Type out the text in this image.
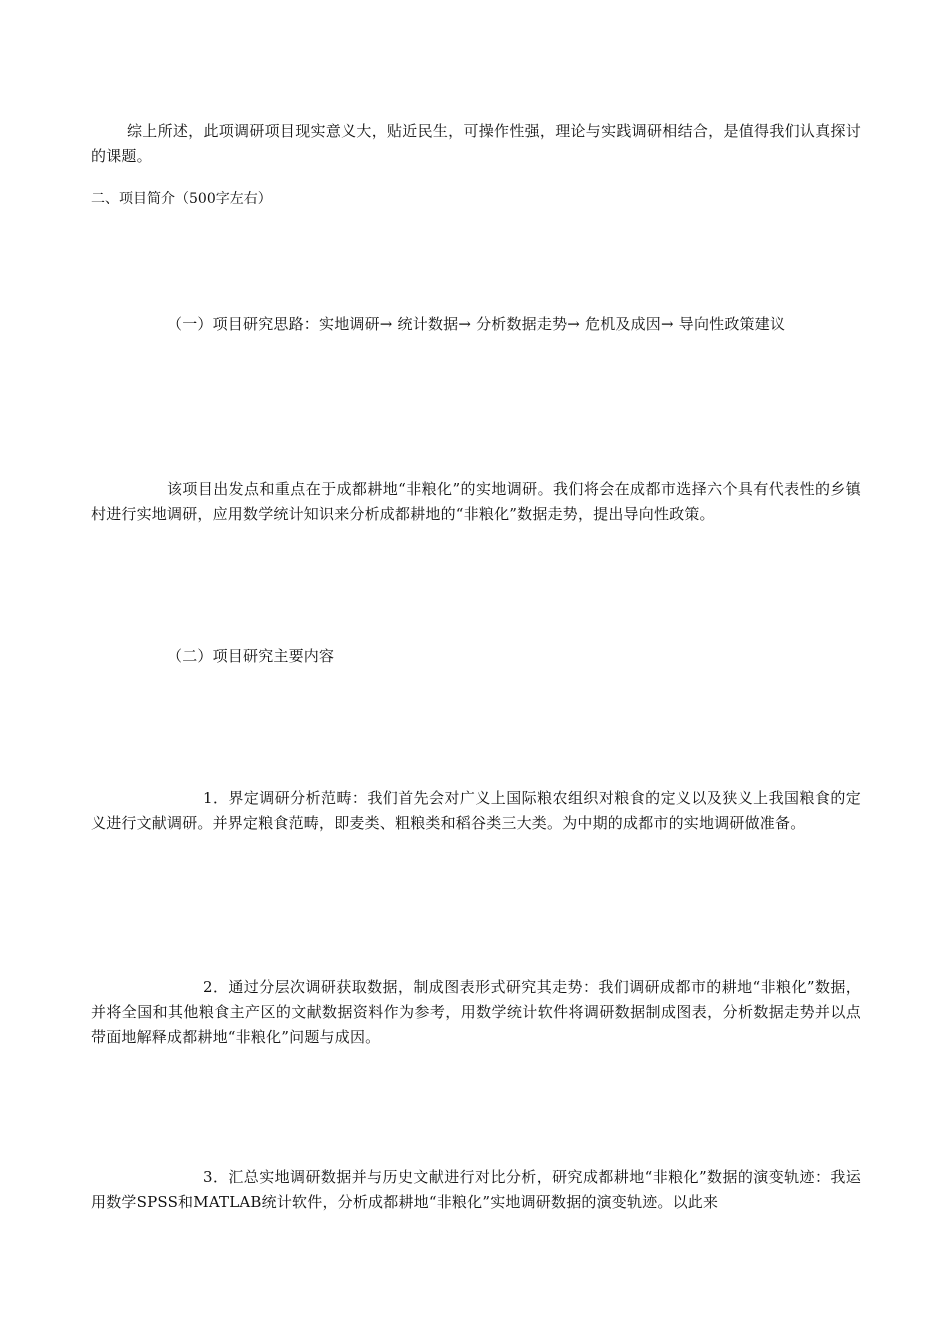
综上所述，此项调研项目现实意义大，贴近民生，可操作性强，理论与实践调研相结合，是值得我们认真探讨的课题。

二、项目简介（500字左右）

（一）项目研究思路：实地调研→ 统计数据→ 分析数据走势→ 危机及成因→ 导向性政策建议

该项目出发点和重点在于成都耕地“非粮化”的实地调研。我们将会在成都市选择六个具有代表性的乡镇村进行实地调研，应用数学统计知识来分析成都耕地的“非粮化”数据走势，提出导向性政策。

（二）项目研究主要内容

1．界定调研分析范畴：我们首先会对广义上国际粮农组织对粮食的定义以及狭义上我国粮食的定义进行文献调研。并界定粮食范畴，即麦类、粗粮类和稻谷类三大类。为中期的成都市的实地调研做准备。

2．通过分层次调研获取数据，制成图表形式研究其走势：我们调研成都市的耕地“非粮化”数据，并将全国和其他粮食主产区的文献数据资料作为参考，用数学统计软件将调研数据制成图表，分析数据走势并以点带面地解释成都耕地“非粮化”问题与成因。

3．汇总实地调研数据并与历史文献进行对比分析，研究成都耕地“非粮化”数据的演变轨迹：我运用数学SPSS和MATLAB统计软件，分析成都耕地“非粮化”实地调研数据的演变轨迹。以此来
